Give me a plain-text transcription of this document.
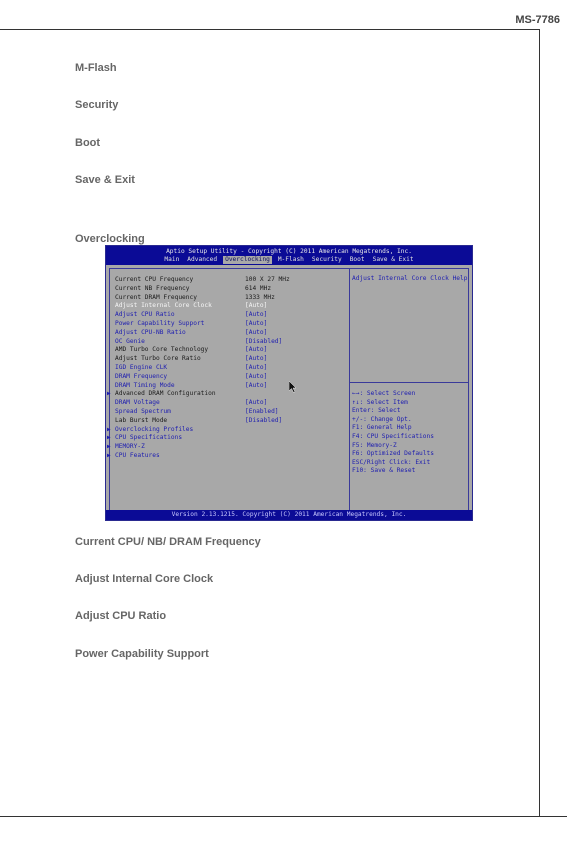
MS-7786
M-Flash
Security
Boot
Save & Exit
Overclocking
Aptio Setup Utility - Copyright (C) 2011 American Megatrends, Inc.
Main	Advanced	Overclocking	M-Flash	Security	Boot	Save & Exit
Current CPU Frequency	100 X 27 MHz
Current NB Frequency	614 MHz
Current DRAM Frequency	1333 MHz
Adjust Internal Core Clock	[Auto]
Adjust CPU Ratio	[Auto]
Power Capability Support	[Auto]
Adjust CPU-NB Ratio	[Auto]
OC Genie	[Disabled]
AMD Turbo Core Technology	[Auto]
Adjust Turbo Core Ratio	[Auto]
IGD Engine CLK	[Auto]
DRAM Frequency	[Auto]
DRAM Timing Mode	[Auto]
▶ Advanced DRAM Configuration
DRAM Voltage	[Auto]
Spread Spectrum	[Enabled]
Lab Burst Mode	[Disabled]
▶ Overclocking Profiles
▶ CPU Specifications
▶ MEMORY-Z
▶ CPU Features
Adjust Internal Core Clock Help
←→: Select Screen
↑↓: Select Item
Enter: Select
+/-: Change Opt.
F1: General Help
F4: CPU Specifications
F5: Memory-Z
F6: Optimized Defaults
ESC/Right Click: Exit
F10: Save & Reset
Version 2.13.1215. Copyright (C) 2011 American Megatrends, Inc.
Current CPU/ NB/ DRAM Frequency
Adjust Internal Core Clock
Adjust CPU Ratio
Power Capability Support
